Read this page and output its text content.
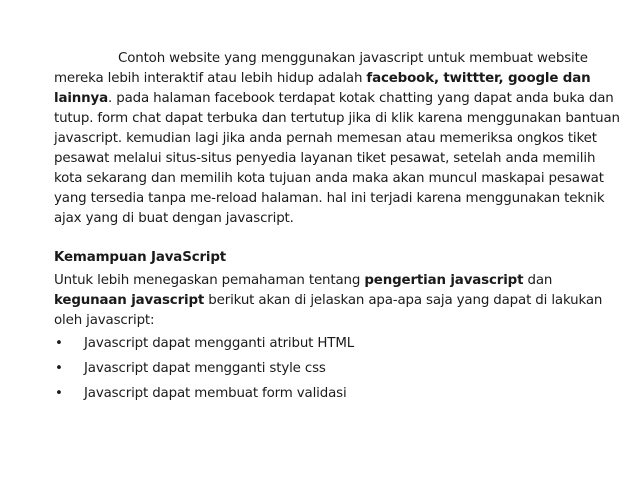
Contoh website yang menggunakan javascript untuk membuat website mereka lebih interaktif atau lebih hidup adalah facebook, twittter, google dan lainnya. pada halaman facebook terdapat kotak chatting yang dapat anda buka dan tutup. form chat dapat terbuka dan tertutup jika di klik karena menggunakan bantuan javascript. kemudian lagi jika anda pernah memesan atau memeriksa ongkos tiket pesawat melalui situs-situs penyedia layanan tiket pesawat, setelah anda memilih kota sekarang dan memilih kota tujuan anda maka akan muncul maskapai pesawat yang tersedia tanpa me-reload halaman. hal ini terjadi karena menggunakan teknik ajax yang di buat dengan javascript.

Kemampuan JavaScript

Untuk lebih menegaskan pemahaman tentang pengertian javascript dan kegunaan javascript berikut akan di jelaskan apa-apa saja yang dapat di lakukan oleh javascript:

• Javascript dapat mengganti atribut HTML
• Javascript dapat mengganti style css
• Javascript dapat membuat form validasi
